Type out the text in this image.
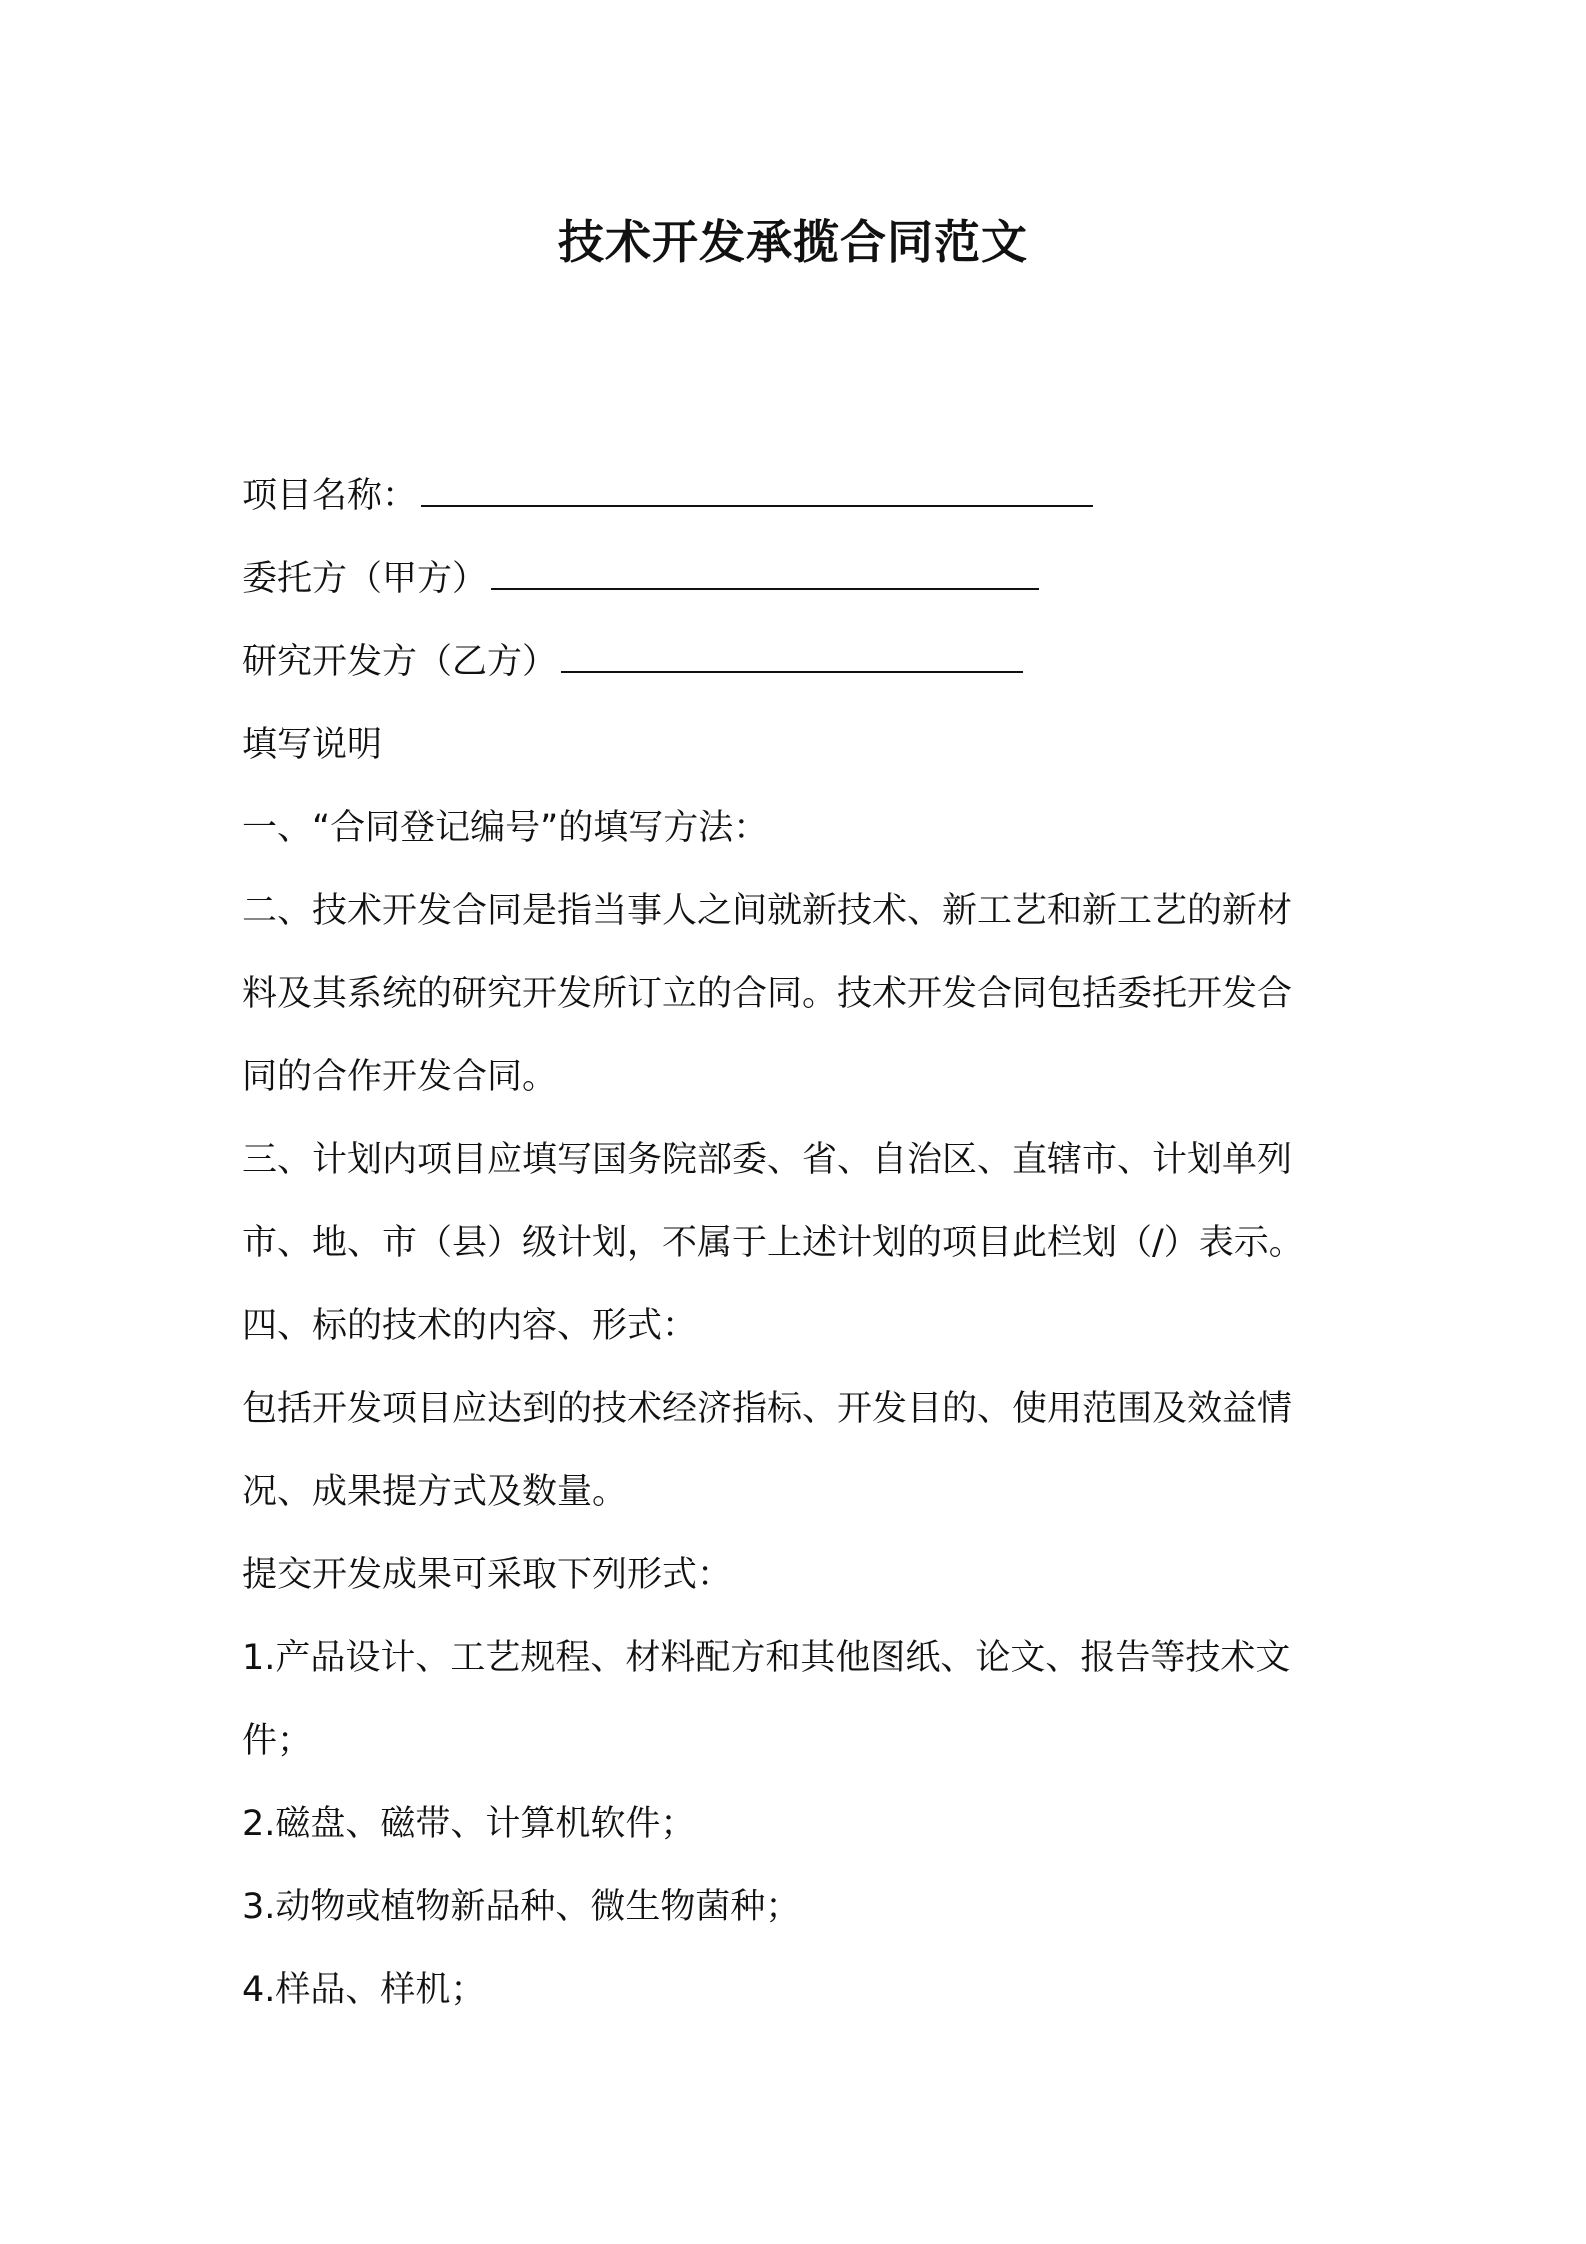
技术开发承揽合同范文

项目名称：

委托方（甲方）

研究开发方（乙方）

填写说明

一、“合同登记编号”的填写方法：

二、技术开发合同是指当事人之间就新技术、新工艺和新工艺的新材

料及其系统的研究开发所订立的合同。技术开发合同包括委托开发合

同的合作开发合同。

三、计划内项目应填写国务院部委、省、自治区、直辖市、计划单列

市、地、市（县）级计划，不属于上述计划的项目此栏划（/）表示。

四、标的技术的内容、形式：

包括开发项目应达到的技术经济指标、开发目的、使用范围及效益情

况、成果提方式及数量。

提交开发成果可采取下列形式：

1.产品设计、工艺规程、材料配方和其他图纸、论文、报告等技术文

件；

2.磁盘、磁带、计算机软件；

3.动物或植物新品种、微生物菌种；

4.样品、样机；
